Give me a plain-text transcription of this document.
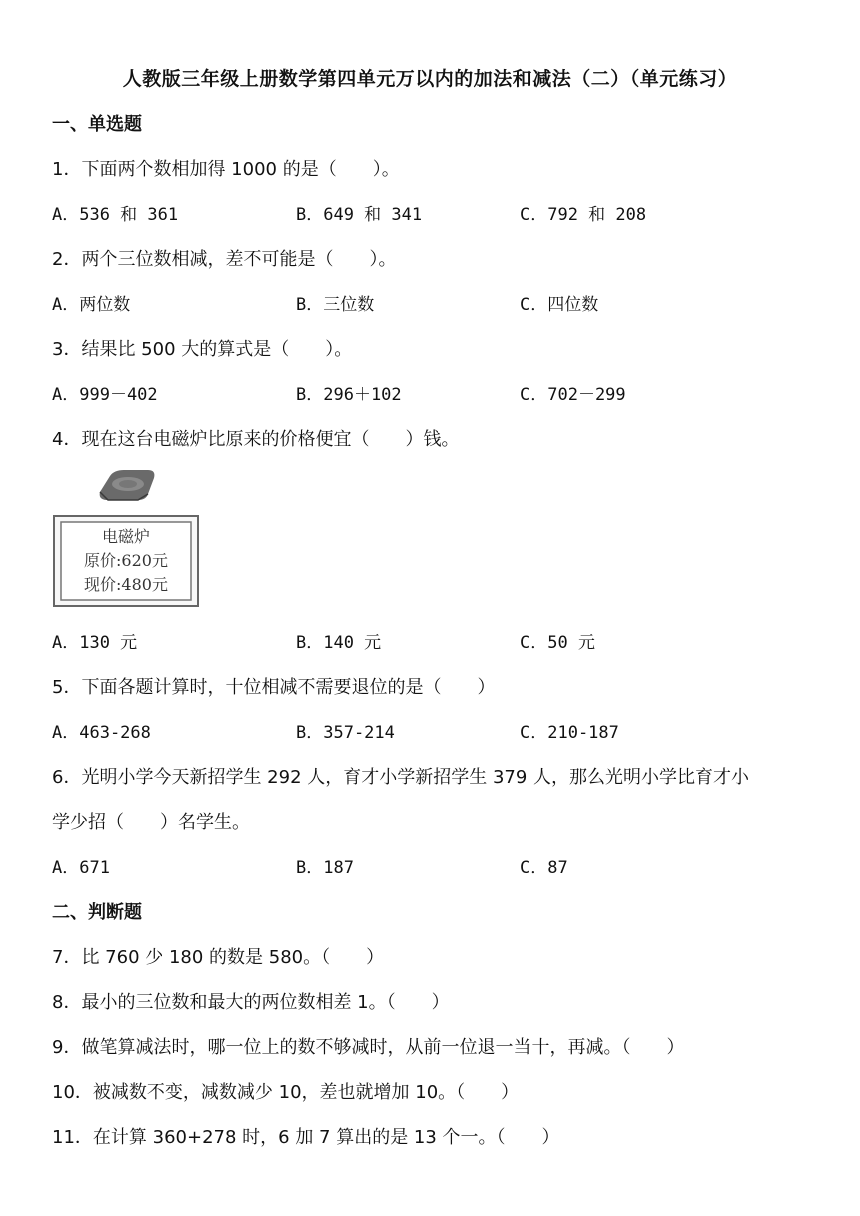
人教版三年级上册数学第四单元万以内的加法和减法（二）（单元练习）
一、单选题
1．下面两个数相加得 1000 的是（　　）。
A．536 和 361	B．649 和 341	C．792 和 208
2．两个三位数相减，差不可能是（　　）。
A．两位数	B．三位数	C．四位数
3．结果比 500 大的算式是（　　）。
A．999－402	B．296＋102	C．702－299
4．现在这台电磁炉比原来的价格便宜（　　）钱。
电磁炉
原价:620元
现价:480元
A．130 元	B．140 元	C．50 元
5．下面各题计算时，十位相减不需要退位的是（　　）
A．463-268	B．357-214	C．210-187
6．光明小学今天新招学生 292 人，育才小学新招学生 379 人，那么光明小学比育才小
学少招（　　）名学生。
A．671	B．187	C．87
二、判断题
7．比 760 少 180 的数是 580。（　　）
8．最小的三位数和最大的两位数相差 1。（　　）
9．做笔算减法时，哪一位上的数不够减时，从前一位退一当十，再减。（　　）
10．被减数不变，减数减少 10，差也就增加 10。（　　）
11．在计算 360+278 时，6 加 7 算出的是 13 个一。（　　）
